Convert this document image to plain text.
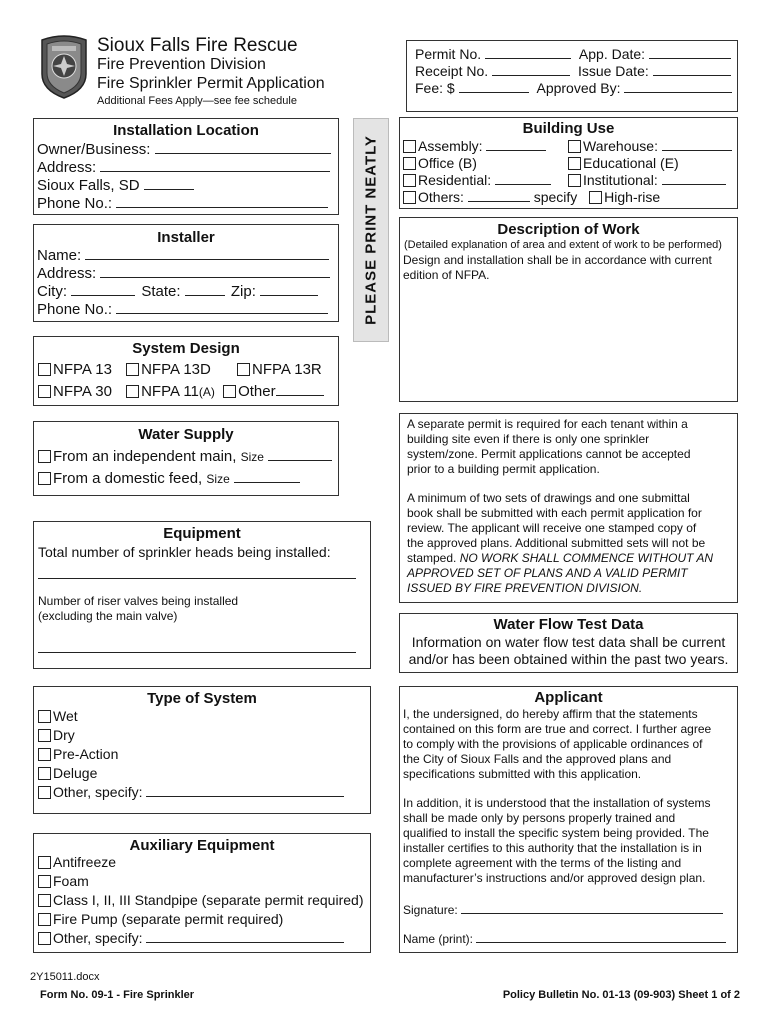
Sioux Falls Fire Rescue
Fire Prevention Division
Fire Sprinkler Permit Application
Additional Fees Apply—see fee schedule
Permit No.	App. Date:
Receipt No.	Issue Date:
Fee: $	Approved By:
Installation Location
Owner/Business:
Address:
Sioux Falls, SD
Phone No.:
Installer
Name:
Address:
City:	State:	Zip:
Phone No.:
System Design
NFPA 13 NFPA 13D	NFPA 13R
NFPA 30 NFPA 11(A) Other
Water Supply
From an independent main, Size
From a domestic feed, Size
Equipment
Total number of sprinkler heads being installed:
Number of riser valves being installed
(excluding the main valve)
Type of System
Wet
Dry
Pre-Action
Deluge
Other, specify:
Auxiliary Equipment
Antifreeze
Foam
Class I, II, III Standpipe (separate permit required)
Fire Pump (separate permit required)
Other, specify:
PLEASE PRINT NEATLY
Building Use
Assembly:	Warehouse:
Office (B)	Educational (E)
Residential:	Institutional:
Others:	specify High-rise
Description of Work
(Detailed explanation of area and extent of work to be performed)
Design and installation shall be in accordance with current
edition of NFPA.
A separate permit is required for each tenant within a
building site even if there is only one sprinkler
system/zone. Permit applications cannot be accepted
prior to a building permit application.
A minimum of two sets of drawings and one submittal
book shall be submitted with each permit application for
review. The applicant will receive one stamped copy of
the approved plans. Additional submitted sets will not be
stamped. NO WORK SHALL COMMENCE WITHOUT AN
APPROVED SET OF PLANS AND A VALID PERMIT
ISSUED BY FIRE PREVENTION DIVISION.
Water Flow Test Data
Information on water flow test data shall be current
and/or has been obtained within the past two years.
Applicant
I, the undersigned, do hereby affirm that the statements
contained on this form are true and correct. I further agree
to comply with the provisions of applicable ordinances of
the City of Sioux Falls and the approved plans and
specifications submitted with this application.
In addition, it is understood that the installation of systems
shall be made only by persons properly trained and
qualified to install the specific system being provided. The
installer certifies to this authority that the installation is in
complete agreement with the terms of the listing and
manufacturer’s instructions and/or approved design plan.
Signature:
Name (print):
2Y15011.docx
Form No. 09-1 - Fire Sprinkler	Policy Bulletin No. 01-13 (09-903) Sheet 1 of 2
